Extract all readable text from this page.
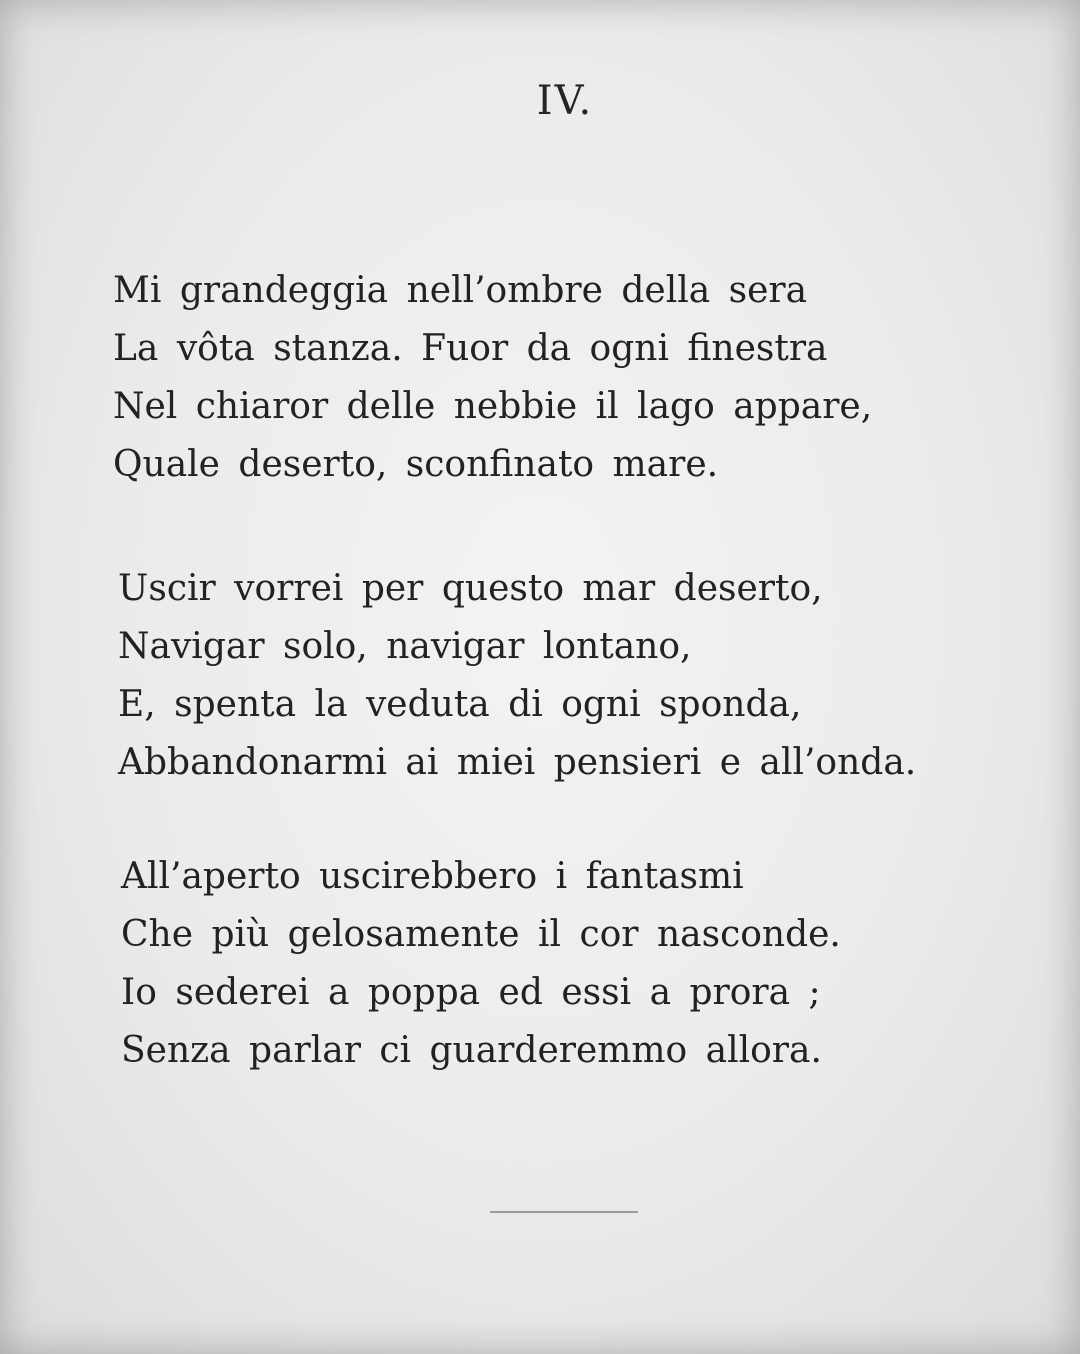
IV.
Mi grandeggia nell’ombre della sera
La vôta stanza. Fuor da ogni finestra
Nel chiaror delle nebbie il lago appare,
Quale deserto, sconfinato mare.
Uscir vorrei per questo mar deserto,
Navigar solo, navigar lontano,
E, spenta la veduta di ogni sponda,
Abbandonarmi ai miei pensieri e all’onda.
All’aperto uscirebbero i fantasmi
Che più gelosamente il cor nasconde.
Io sederei a poppa ed essi a prora ;
Senza parlar ci guarderemmo allora.
